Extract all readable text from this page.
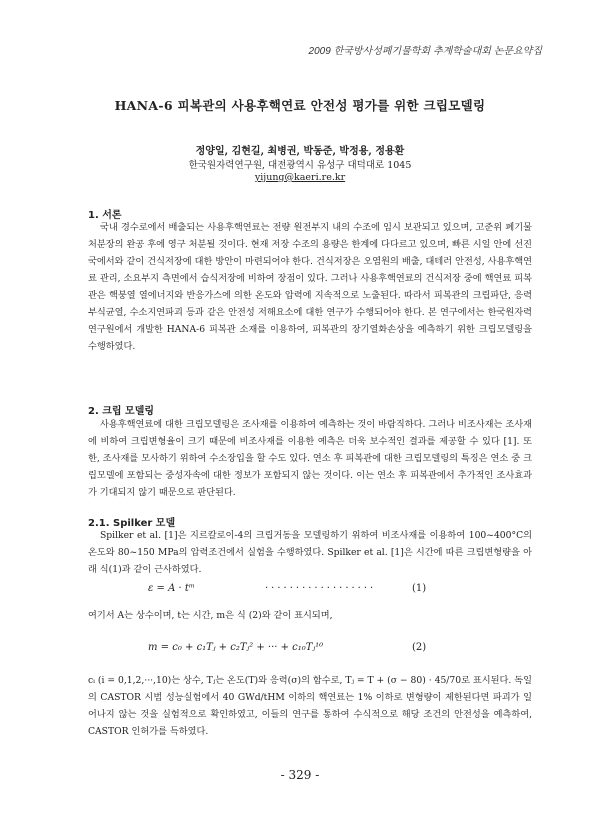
2009 한국방사성폐기물학회 추계학술대회 논문요약집
HANA-6 피복관의 사용후핵연료 안전성 평가를 위한 크립모델링
정양일, 김현길, 최병권, 박동준, 박정용, 정용환
한국원자력연구원, 대전광역시 유성구 대덕대로 1045
yijung@kaeri.re.kr
1. 서론
국내 경수로에서 배출되는 사용후핵연료는 전량 원전부지 내의 수조에 임시 보관되고 있으며, 고준위 폐기물처분장의 완공 후에 영구 처분될 것이다. 현재 저장 수조의 용량은 한계에 다다르고 있으며, 빠른 시일 안에 선진국에서와 같이 건식저장에 대한 방안이 마련되어야 한다. 건식저장은 오염원의 배출, 대테러 안전성, 사용후핵연료 관리, 소요부지 측면에서 습식저장에 비하여 장점이 있다. 그러나 사용후핵연료의 건식저장 중에 핵연료 피복관은 핵붕열 열에너지와 반응가스에 의한 온도와 압력에 지속적으로 노출된다. 따라서 피복관의 크립파단, 응력부식균열, 수소지연파괴 등과 같은 안전성 저해요소에 대한 연구가 수행되어야 한다. 본 연구에서는 한국원자력연구원에서 개발한 HANA-6 피복관 소재를 이용하여, 피복관의 장기열화손상을 예측하기 위한 크립모델링을 수행하였다.
2. 크립 모델링
사용후핵연료에 대한 크립모델링은 조사재를 이용하여 예측하는 것이 바람직하다. 그러나 비조사재는 조사재에 비하여 크립변형율이 크기 때문에 비조사재를 이용한 예측은 더욱 보수적인 결과를 제공할 수 있다 [1]. 또한, 조사재를 모사하기 위하여 수소장입을 할 수도 있다. 연소 후 피복관에 대한 크립모델링의 특징은 연소 중 크립모델에 포함되는 중성자속에 대한 정보가 포함되지 않는 것이다. 이는 연소 후 피복관에서 추가적인 조사효과가 기대되지 않기 때문으로 판단된다.
2.1. Spilker 모델
Spilker et al. [1]은 지르칼로이-4의 크립거동을 모델링하기 위하여 비조사재를 이용하여 100~400°C의 온도와 80~150 MPa의 압력조건에서 실험을 수행하였다. Spilker et al. [1]은 시간에 따른 크립변형량을 아래 식(1)과 같이 근사하였다.
ε = A · tᵐ	··················	(1)
여기서 A는 상수이며, t는 시간, m은 식 (2)와 같이 표시되며,
m = c₀ + c₁Tⱼ + c₂Tⱼ² + ··· + c₁₀Tⱼ¹⁰	(2)
cᵢ (i = 0,1,2,···,10)는 상수, Tⱼ는 온도(T)와 응력(σ)의 함수로, Tⱼ = T + (σ − 80) · 45/70로 표시된다. 독일의 CASTOR 시범 성능실험에서 40 GWd/tHM 이하의 핵연료는 1% 이하로 변형량이 제한된다면 파괴가 일어나지 않는 것을 실험적으로 확인하였고, 이들의 연구를 통하여 수식적으로 해당 조건의 안전성을 예측하여, CASTOR 인허가를 득하였다.
- 329 -
